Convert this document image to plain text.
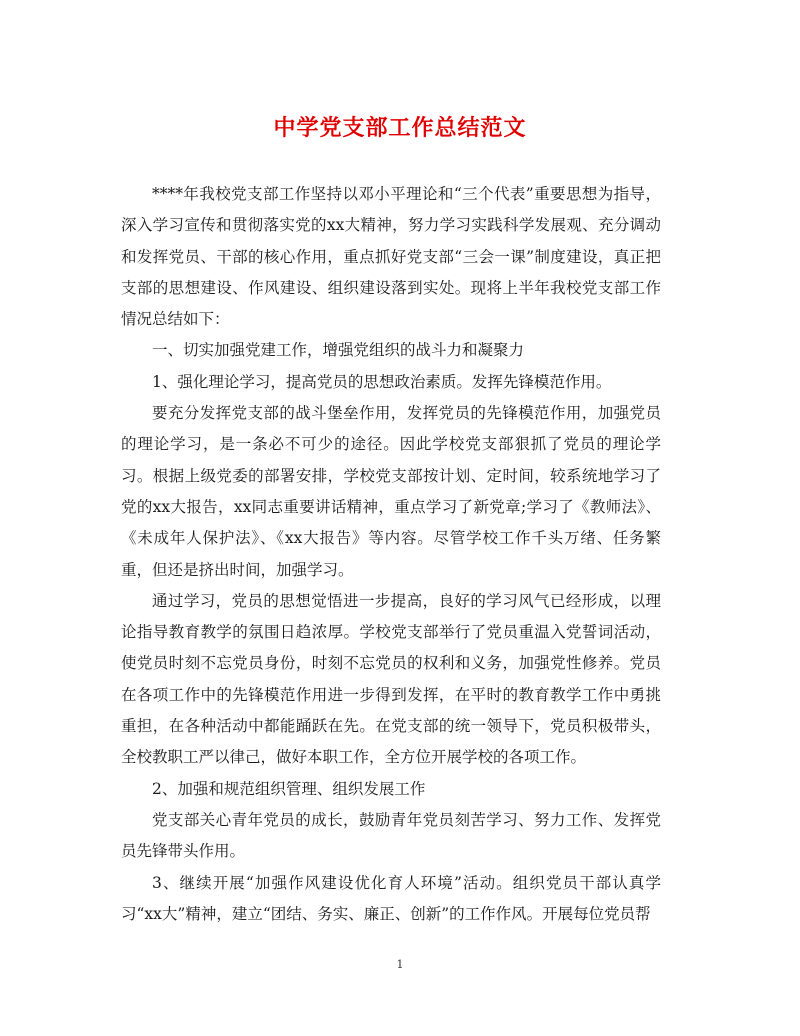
中学党支部工作总结范文

****年我校党支部工作坚持以邓小平理论和“三个代表”重要思想为指导，深入学习宣传和贯彻落实党的xx大精神，努力学习实践科学发展观、充分调动和发挥党员、干部的核心作用，重点抓好党支部“三会一课”制度建设，真正把支部的思想建设、作风建设、组织建设落到实处。现将上半年我校党支部工作情况总结如下：

一、切实加强党建工作，增强党组织的战斗力和凝聚力

1、强化理论学习，提高党员的思想政治素质。发挥先锋模范作用。

要充分发挥党支部的战斗堡垒作用，发挥党员的先锋模范作用，加强党员的理论学习，是一条必不可少的途径。因此学校党支部狠抓了党员的理论学习。根据上级党委的部署安排，学校党支部按计划、定时间，较系统地学习了党的xx大报告，xx同志重要讲话精神，重点学习了新党章;学习了《教师法》、《未成年人保护法》、《xx大报告》等内容。尽管学校工作千头万绪、任务繁重，但还是挤出时间，加强学习。

通过学习，党员的思想觉悟进一步提高，良好的学习风气已经形成，以理论指导教育教学的氛围日趋浓厚。学校党支部举行了党员重温入党誓词活动，使党员时刻不忘党员身份，时刻不忘党员的权利和义务，加强党性修养。党员在各项工作中的先锋模范作用进一步得到发挥，在平时的教育教学工作中勇挑重担，在各种活动中都能踊跃在先。在党支部的统一领导下，党员积极带头，全校教职工严以律己，做好本职工作，全方位开展学校的各项工作。

2、加强和规范组织管理、组织发展工作

党支部关心青年党员的成长，鼓励青年党员刻苦学习、努力工作、发挥党员先锋带头作用。

3、继续开展“加强作风建设优化育人环境”活动。组织党员干部认真学习“xx大”精神，建立“团结、务实、廉正、创新”的工作作风。开展每位党员帮

1
